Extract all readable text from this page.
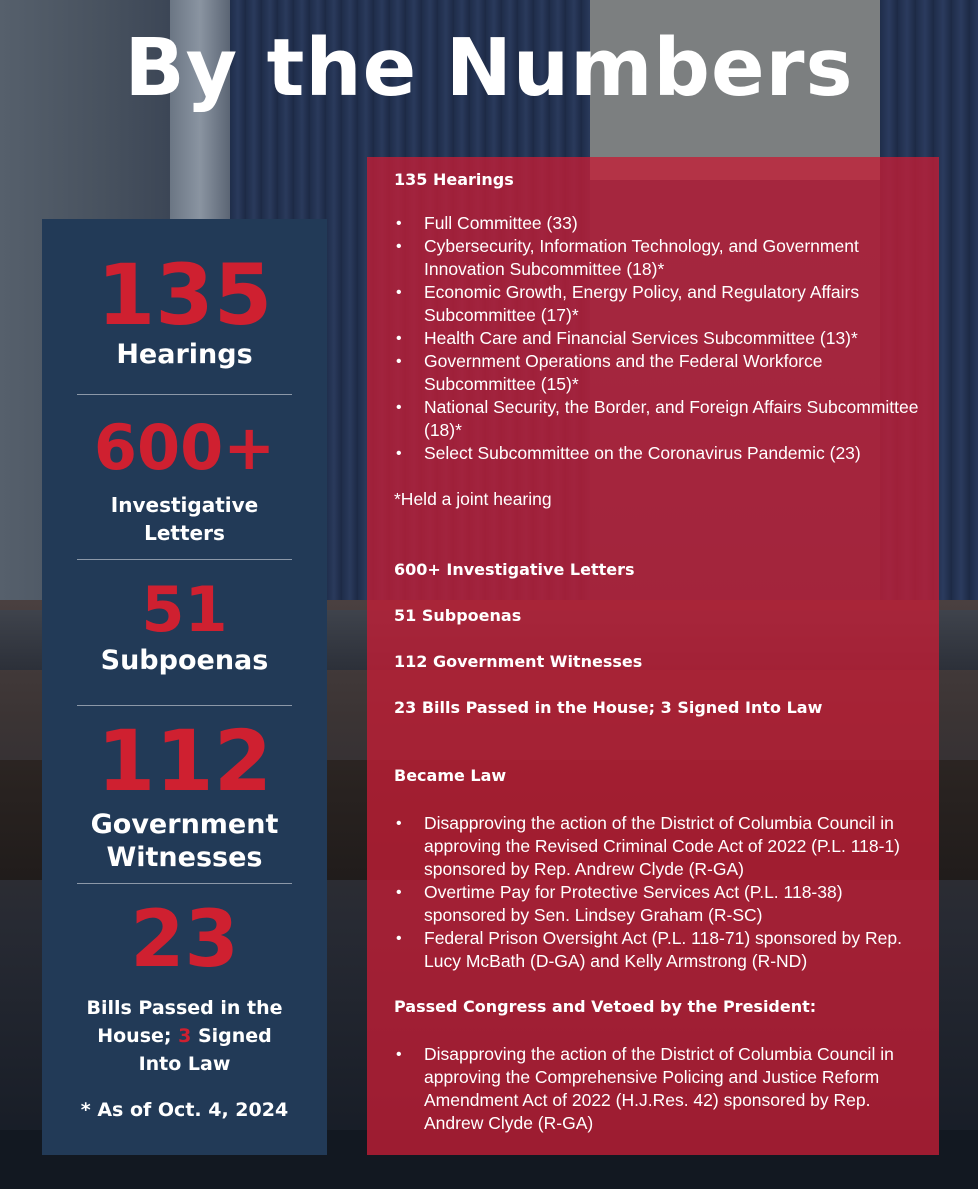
By the Numbers
135
Hearings
600+
Investigative
Letters
51
Subpoenas
112
Government
Witnesses
23
Bills Passed in the
House; 3 Signed
Into Law
* As of Oct. 4, 2024
135 Hearings
• Full Committee (33)
• Cybersecurity, Information Technology, and Government Innovation Subcommittee (18)*
• Economic Growth, Energy Policy, and Regulatory Affairs Subcommittee (17)*
• Health Care and Financial Services Subcommittee (13)*
• Government Operations and the Federal Workforce Subcommittee (15)*
• National Security, the Border, and Foreign Affairs Subcommittee (18)*
• Select Subcommittee on the Coronavirus Pandemic (23)
*Held a joint hearing
600+ Investigative Letters
51 Subpoenas
112 Government Witnesses
23 Bills Passed in the House; 3 Signed Into Law
Became Law
• Disapproving the action of the District of Columbia Council in approving the Revised Criminal Code Act of 2022 (P.L. 118-1) sponsored by Rep. Andrew Clyde (R-GA)
• Overtime Pay for Protective Services Act (P.L. 118-38) sponsored by Sen. Lindsey Graham (R-SC)
• Federal Prison Oversight Act (P.L. 118-71) sponsored by Rep. Lucy McBath (D-GA) and Kelly Armstrong (R-ND)
Passed Congress and Vetoed by the President:
• Disapproving the action of the District of Columbia Council in approving the Comprehensive Policing and Justice Reform Amendment Act of 2022 (H.J.Res. 42) sponsored by Rep. Andrew Clyde (R-GA)
